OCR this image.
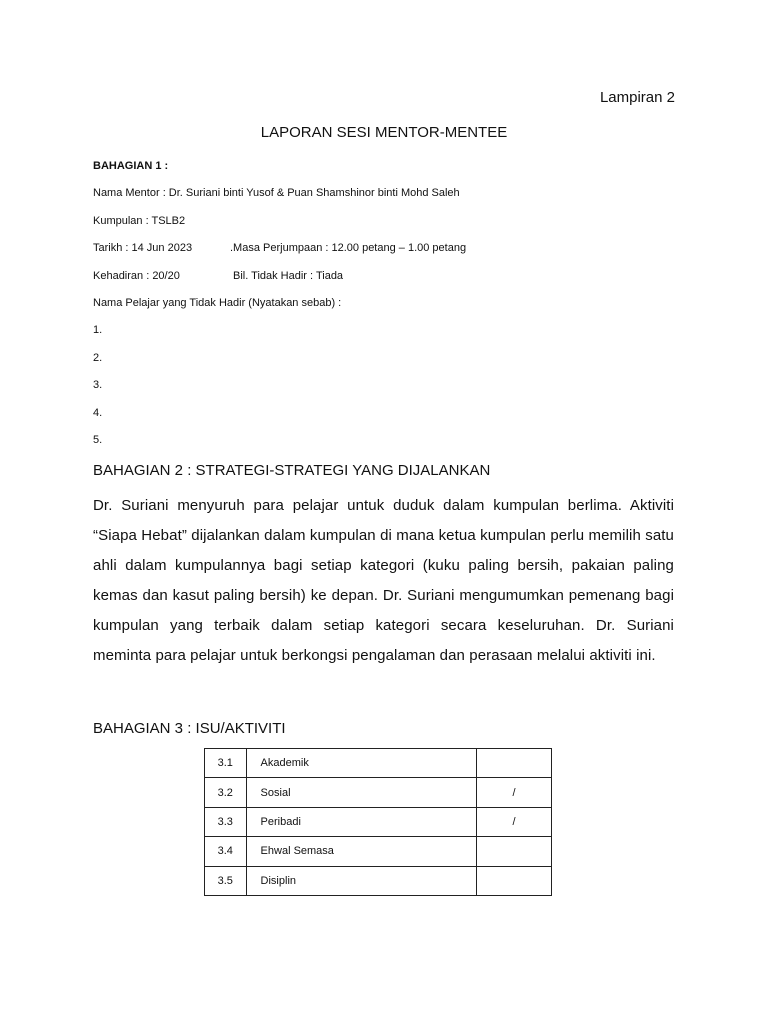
Lampiran 2
LAPORAN SESI MENTOR-MENTEE
BAHAGIAN 1 :
Nama Mentor : Dr. Suriani binti Yusof & Puan Shamshinor binti Mohd Saleh
Kumpulan : TSLB2
Tarikh : 14 Jun 2023	.Masa Perjumpaan : 12.00 petang – 1.00 petang
Kehadiran : 20/20	Bil. Tidak Hadir : Tiada
Nama Pelajar yang Tidak Hadir (Nyatakan sebab) :
1.
2.
3.
4.
5.
BAHAGIAN 2 : STRATEGI-STRATEGI YANG DIJALANKAN
Dr. Suriani menyuruh para pelajar untuk duduk dalam kumpulan berlima. Aktiviti “Siapa Hebat” dijalankan dalam kumpulan di mana ketua kumpulan perlu memilih satu ahli dalam kumpulannya bagi setiap kategori (kuku paling bersih, pakaian paling kemas dan kasut paling bersih) ke depan. Dr. Suriani mengumumkan pemenang bagi kumpulan yang terbaik dalam setiap kategori secara keseluruhan. Dr. Suriani meminta para pelajar untuk berkongsi pengalaman dan perasaan melalui aktiviti ini.
BAHAGIAN 3 : ISU/AKTIVITI
3.1	Akademik	
3.2	Sosial	/
3.3	Peribadi	/
3.4	Ehwal Semasa	
3.5	Disiplin	
